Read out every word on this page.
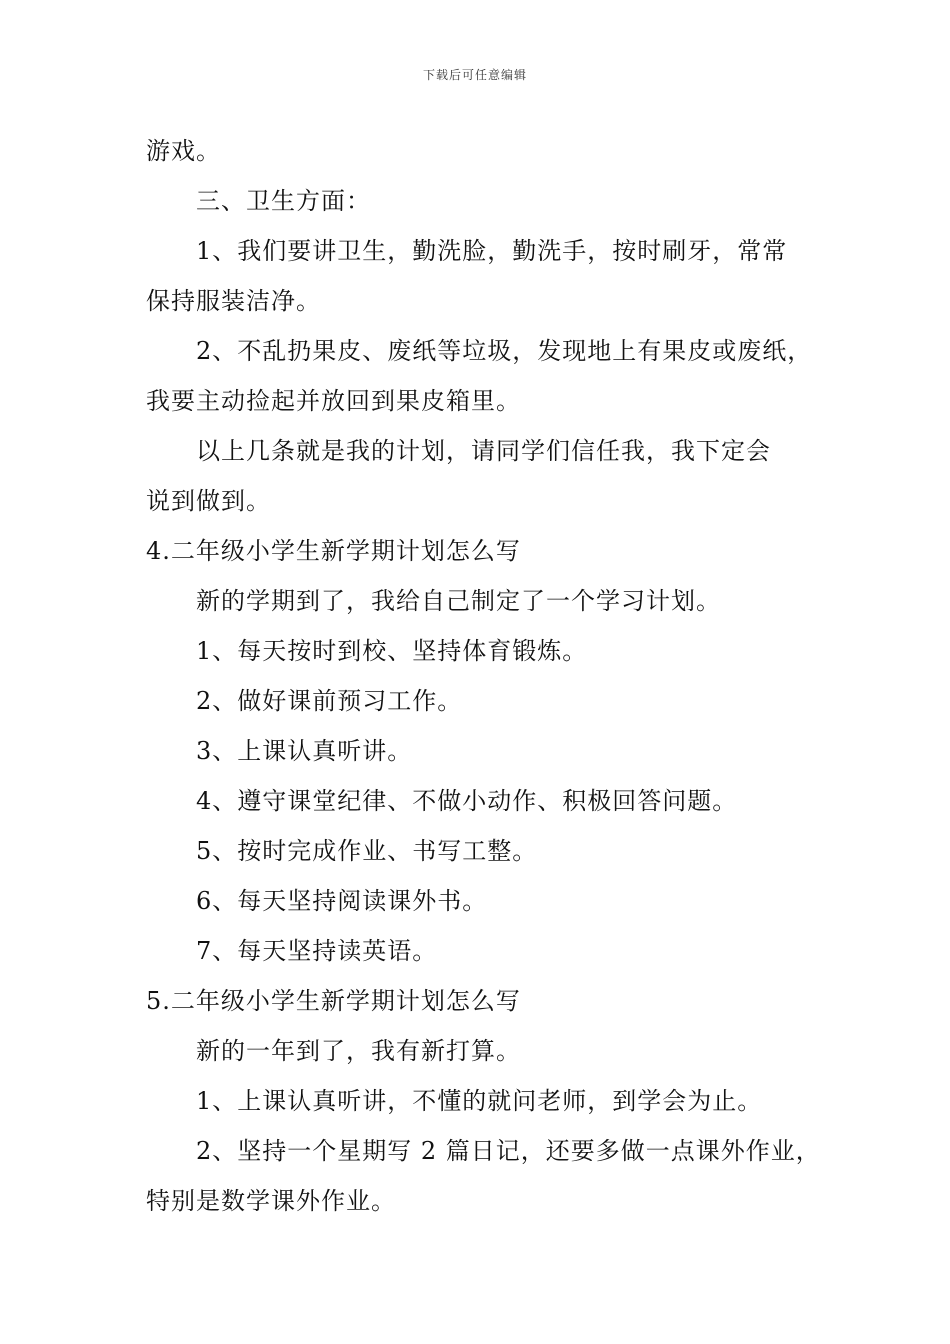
下载后可任意编辑
游戏。
三、卫生方面：
1、我们要讲卫生，勤洗脸，勤洗手，按时刷牙，常常
保持服装洁净。
2、不乱扔果皮、废纸等垃圾，发现地上有果皮或废纸，
我要主动捡起并放回到果皮箱里。
以上几条就是我的计划，请同学们信任我，我下定会
说到做到。
4.二年级小学生新学期计划怎么写
新的学期到了，我给自己制定了一个学习计划。
1、每天按时到校、坚持体育锻炼。
2、做好课前预习工作。
3、上课认真听讲。
4、遵守课堂纪律、不做小动作、积极回答问题。
5、按时完成作业、书写工整。
6、每天坚持阅读课外书。
7、每天坚持读英语。
5.二年级小学生新学期计划怎么写
新的一年到了，我有新打算。
1、上课认真听讲，不懂的就问老师，到学会为止。
2、坚持一个星期写 2 篇日记，还要多做一点课外作业，
特别是数学课外作业。
